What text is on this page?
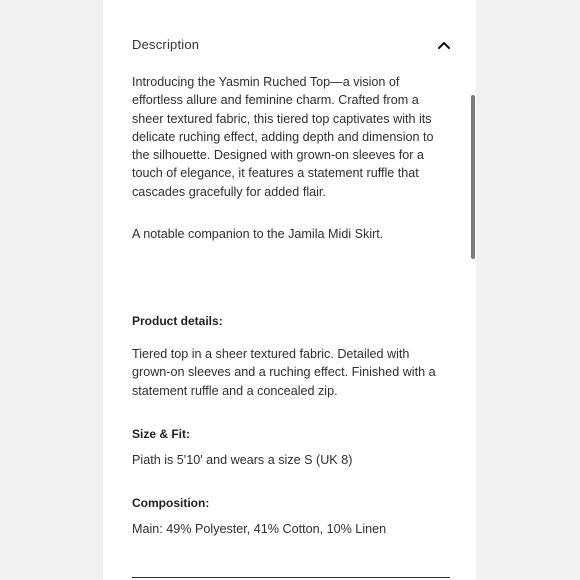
Description

Introducing the Yasmin Ruched Top—a vision of effortless allure and feminine charm. Crafted from a sheer textured fabric, this tiered top captivates with its delicate ruching effect, adding depth and dimension to the silhouette. Designed with grown-on sleeves for a touch of elegance, it features a statement ruffle that cascades gracefully for added flair.

A notable companion to the Jamila Midi Skirt.

Product details:

Tiered top in a sheer textured fabric. Detailed with grown-on sleeves and a ruching effect. Finished with a statement ruffle and a concealed zip.

Size & Fit:

Piath is 5'10' and wears a size S (UK 8)

Composition:

Main: 49% Polyester, 41% Cotton, 10% Linen
